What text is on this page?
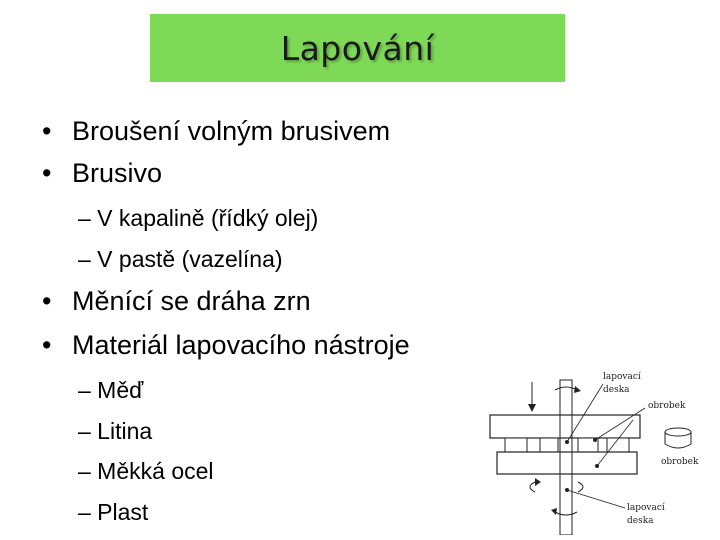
Lapování
• Broušení volným brusivem
• Brusivo
– V kapalině (řídký olej)
– V pastě (vazelína)
• Měnící se dráha zrn
• Materiál lapovacího nástroje
– Měď
– Litina
– Měkká ocel
– Plast
lapovací
deska
obrobek
obrobek
lapovací
deska
